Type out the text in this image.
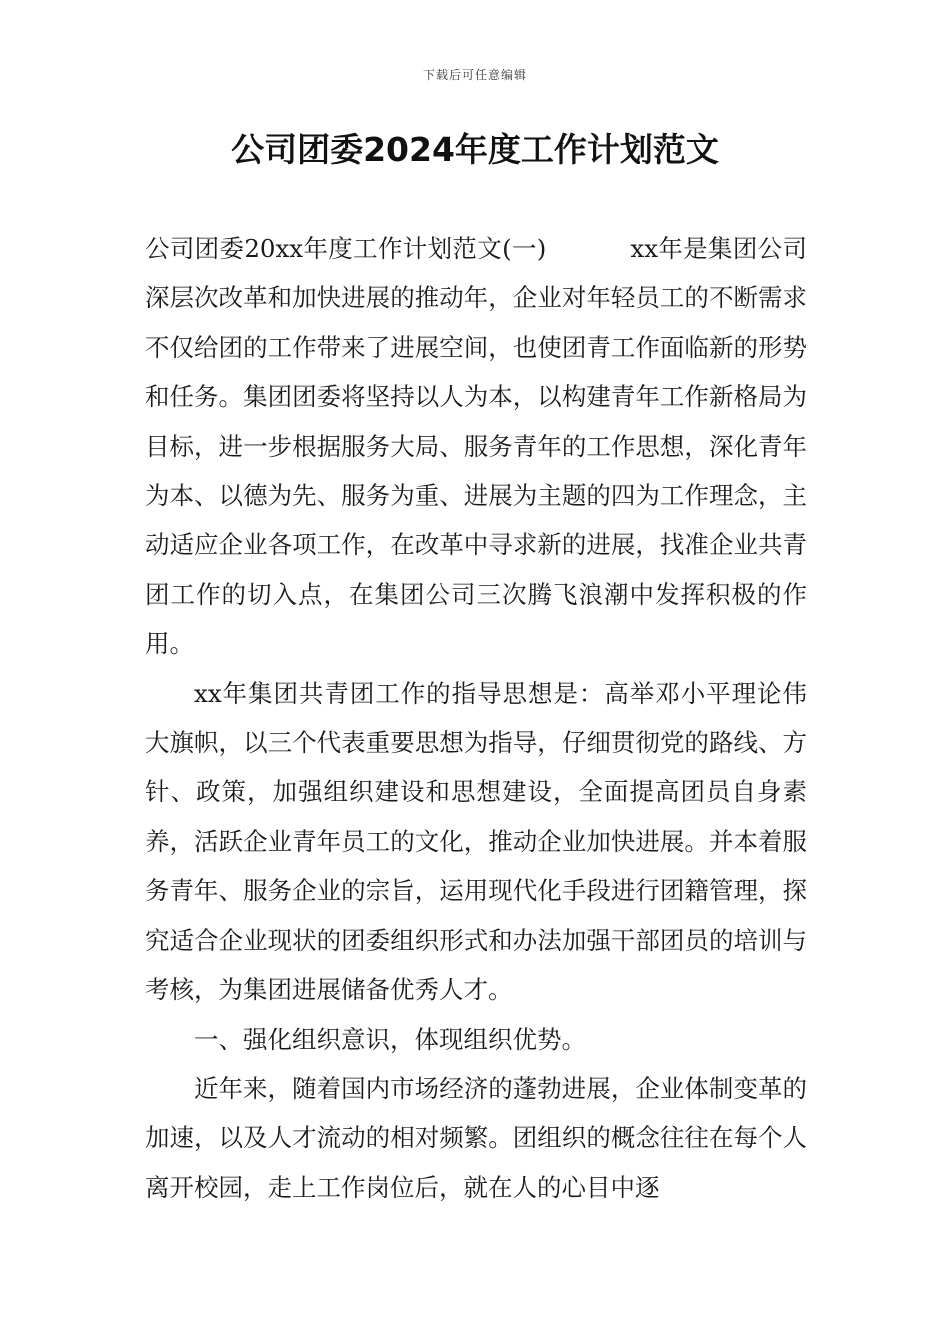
下载后可任意编辑
公司团委2024年度工作计划范文

公司团委20xx年度工作计划范文(一)	xx年是集团公司深层次改革和加快进展的推动年，企业对年轻员工的不断需求不仅给团的工作带来了进展空间，也使团青工作面临新的形势和任务。集团团委将坚持以人为本，以构建青年工作新格局为目标，进一步根据服务大局、服务青年的工作思想，深化青年为本、以德为先、服务为重、进展为主题的四为工作理念，主动适应企业各项工作，在改革中寻求新的进展，找准企业共青团工作的切入点，在集团公司三次腾飞浪潮中发挥积极的作用。

xx年集团共青团工作的指导思想是：高举邓小平理论伟大旗帜，以三个代表重要思想为指导，仔细贯彻党的路线、方针、政策，加强组织建设和思想建设，全面提高团员自身素养，活跃企业青年员工的文化，推动企业加快进展。并本着服务青年、服务企业的宗旨，运用现代化手段进行团籍管理，探究适合企业现状的团委组织形式和办法加强干部团员的培训与考核，为集团进展储备优秀人才。

一、强化组织意识，体现组织优势。

近年来，随着国内市场经济的蓬勃进展，企业体制变革的加速，以及人才流动的相对频繁。团组织的概念往往在每个人离开校园，走上工作岗位后，就在人的心目中逐
